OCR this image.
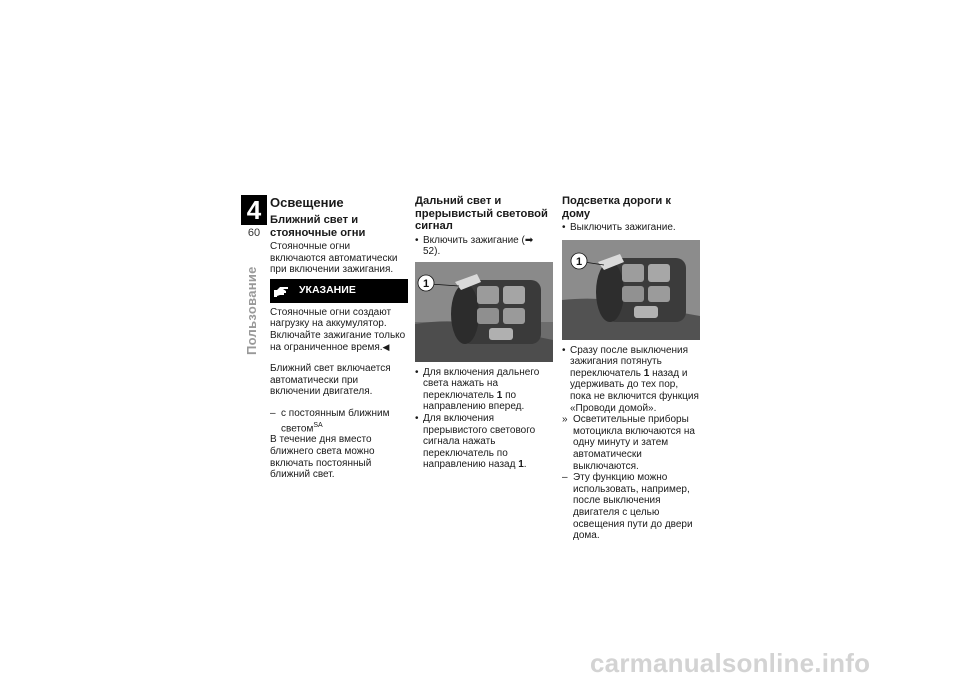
4
60
Пользование
Освещение
Ближний свет и стояночные огни

Стояночные огни включаются автоматически при включении зажигания.

УКАЗАНИЕ

Стояночные огни создают нагрузку на аккумулятор. Включайте зажигание только на ограниченное время.◀

Ближний свет включается автоматически при включении двигателя.

– с постоянным ближним светом$^{SA}$

В течение дня вместо ближнего света можно включать постоянный ближний свет.

Дальний свет и прерывистый световой сигнал

• Включить зажигание (➡ 52).

1

• Для включения дальнего света нажать на переключатель 1 по направлению вперед.

• Для включения прерывистого светового сигнала нажать переключатель по направлению назад 1.

Подсветка дороги к дому

• Выключить зажигание.

1

• Сразу после выключения зажигания потянуть переключатель 1 назад и удерживать до тех пор, пока не включится функция «Проводи домой».

» Осветительные приборы мотоцикла включаются на одну минуту и затем автоматически выключаются.

– Эту функцию можно использовать, например, после выключения двигателя с целью освещения пути до двери дома.

carmanualsonline.info
